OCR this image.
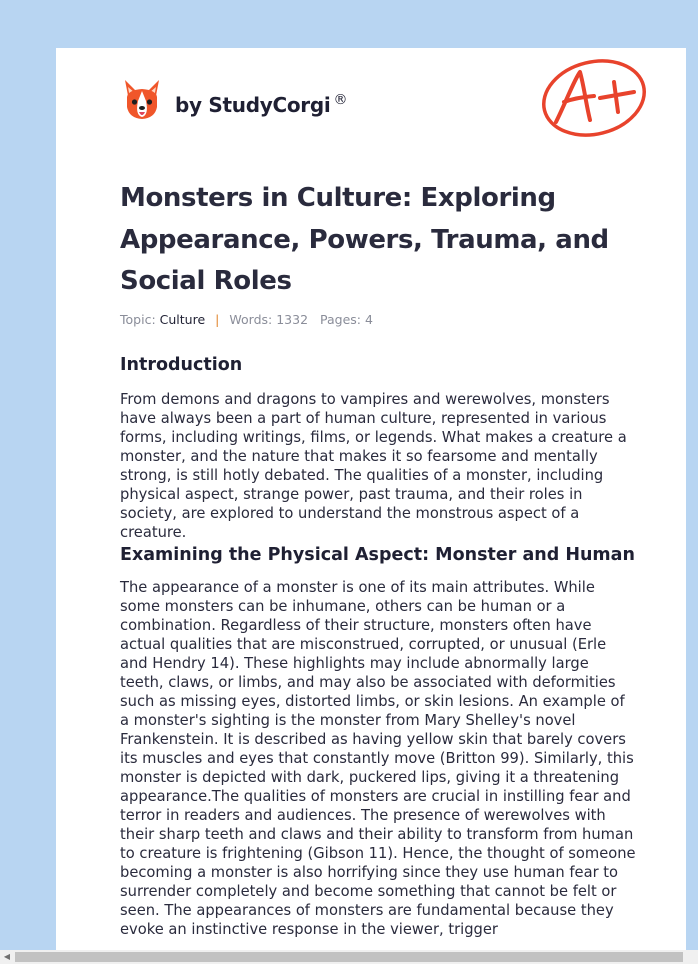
by StudyCorgi ®
A+
Monsters in Culture: Exploring Appearance, Powers, Trauma, and Social Roles
Topic: Culture | Words: 1332 Pages: 4
Introduction

From demons and dragons to vampires and werewolves, monsters have always been a part of human culture, represented in various forms, including writings, films, or legends. What makes a creature a monster, and the nature that makes it so fearsome and mentally strong, is still hotly debated. The qualities of a monster, including physical aspect, strange power, past trauma, and their roles in society, are explored to understand the monstrous aspect of a creature.

Examining the Physical Aspect: Monster and Human

The appearance of a monster is one of its main attributes. While some monsters can be inhumane, others can be human or a combination. Regardless of their structure, monsters often have actual qualities that are misconstrued, corrupted, or unusual (Erle and Hendry 14). These highlights may include abnormally large teeth, claws, or limbs, and may also be associated with deformities such as missing eyes, distorted limbs, or skin lesions. An example of a monster's sighting is the monster from Mary Shelley's novel Frankenstein. It is described as having yellow skin that barely covers its muscles and eyes that constantly move (Britton 99). Similarly, this monster is depicted with dark, puckered lips, giving it a threatening appearance.The qualities of monsters are crucial in instilling fear and terror in readers and audiences. The presence of werewolves with their sharp teeth and claws and their ability to transform from human to creature is frightening (Gibson 11). Hence, the thought of someone becoming a monster is also horrifying since they use human fear to surrender completely and become something that cannot be felt or seen. The appearances of monsters are fundamental because they evoke an instinctive response in the viewer, trigger

◀
